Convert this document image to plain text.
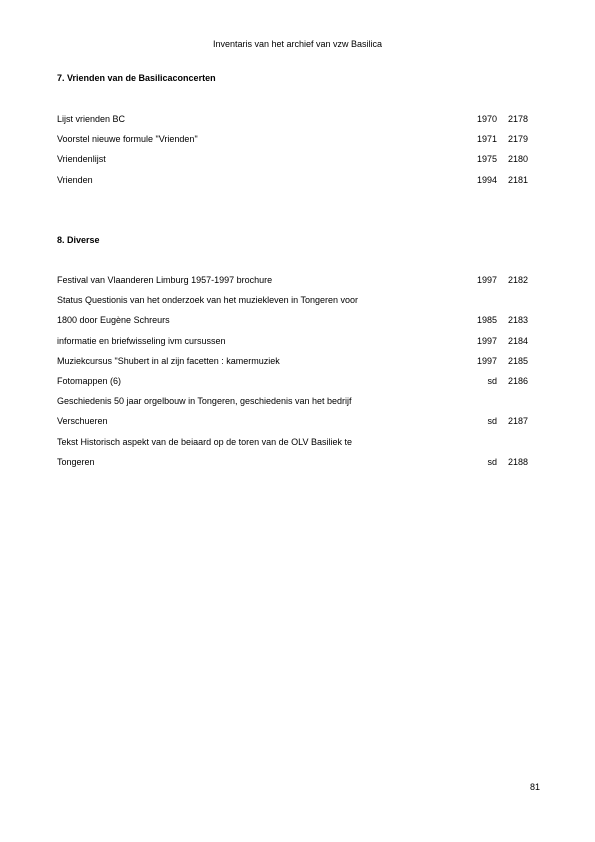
Inventaris van het archief van vzw Basilica
7. Vrienden van de Basilicaconcerten
Lijst vrienden BC	1970 2178
Voorstel nieuwe formule "Vrienden"	1971 2179
Vriendenlijst	1975 2180
Vrienden	1994 2181
8. Diverse
Festival van Vlaanderen Limburg 1957-1997 brochure	1997 2182
Status Questionis van het onderzoek van het muziekleven in Tongeren voor
1800 door Eugène Schreurs	1985 2183
informatie en briefwisseling ivm cursussen	1997 2184
Muziekcursus "Shubert in al zijn facetten : kamermuziek	1997 2185
Fotomappen (6)	sd 2186
Geschiedenis 50 jaar orgelbouw in Tongeren, geschiedenis van het bedrijf
Verschueren	sd 2187
Tekst Historisch aspekt van de beiaard op de toren van de OLV Basiliek te
Tongeren	sd 2188
81
